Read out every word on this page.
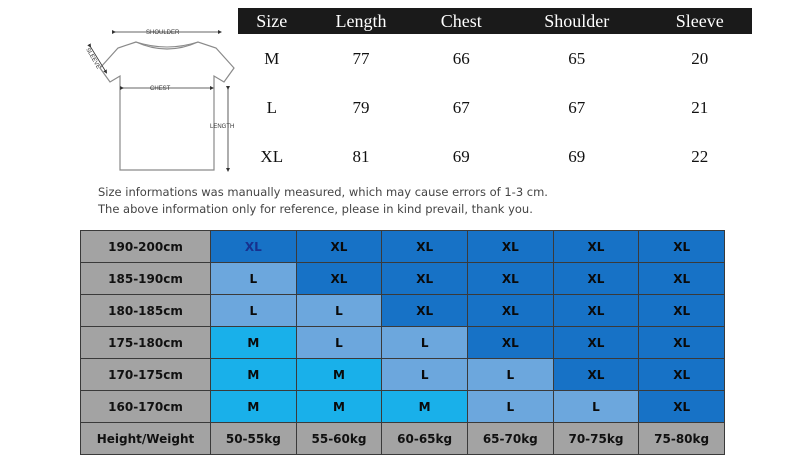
SHOULDER
SLEEVE
CHEST
LENGTH
Size	Length	Chest	Shoulder	Sleeve
M	77	66	65	20
L	79	67	67	21
XL	81	69	69	22
Size informations was manually measured, which may cause errors of 1-3 cm.
The above information only for reference, please in kind prevail, thank you.
190-200cm	XL	XL	XL	XL	XL	XL
185-190cm	L	XL	XL	XL	XL	XL
180-185cm	L	L	XL	XL	XL	XL
175-180cm	M	L	L	XL	XL	XL
170-175cm	M	M	L	L	XL	XL
160-170cm	M	M	M	L	L	XL
Height/Weight	50-55kg	55-60kg	60-65kg	65-70kg	70-75kg	75-80kg
